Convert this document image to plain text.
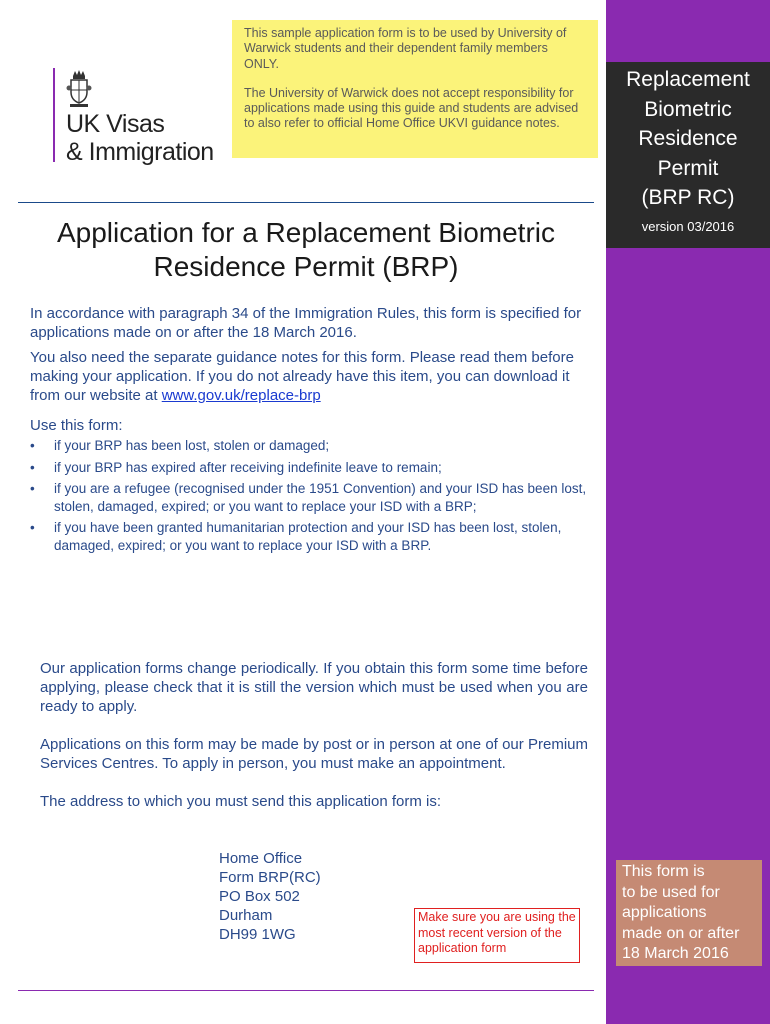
Replacement
Biometric
Residence
Permit
(BRP RC)
version 03/2016
This form is
to be used for
applications
made on or after
18 March 2016

This sample application form is to be used by University of Warwick students and their dependent family members ONLY.

The University of Warwick does not accept responsibility for applications made using this guide and students are advised to also refer to official Home Office UKVI guidance notes.

UK Visas
& Immigration
Application for a Replacement Biometric
Residence Permit (BRP)

In accordance with paragraph 34 of the Immigration Rules, this form is specified for applications made on or after the 18 March 2016.

You also need the separate guidance notes for this form. Please read them before making your application. If you do not already have this item, you can download it from our website at www.gov.uk/replace-brp

Use this form:
• if your BRP has been lost, stolen or damaged;
• if your BRP has expired after receiving indefinite leave to remain;
• if you are a refugee (recognised under the 1951 Convention) and your ISD has been lost, stolen, damaged, expired; or you want to replace your ISD with a BRP;
• if you have been granted humanitarian protection and your ISD has been lost, stolen, damaged, expired; or you want to replace your ISD with a BRP.

Our application forms change periodically. If you obtain this form some time before applying, please check that it is still the version which must be used when you are ready to apply.

Applications on this form may be made by post or in person at one of our Premium Services Centres. To apply in person, you must make an appointment.

The address to which you must send this application form is:

Home Office
Form BRP(RC)
PO Box 502
Durham
DH99 1WG
Make sure you are using the most recent version of the application form
